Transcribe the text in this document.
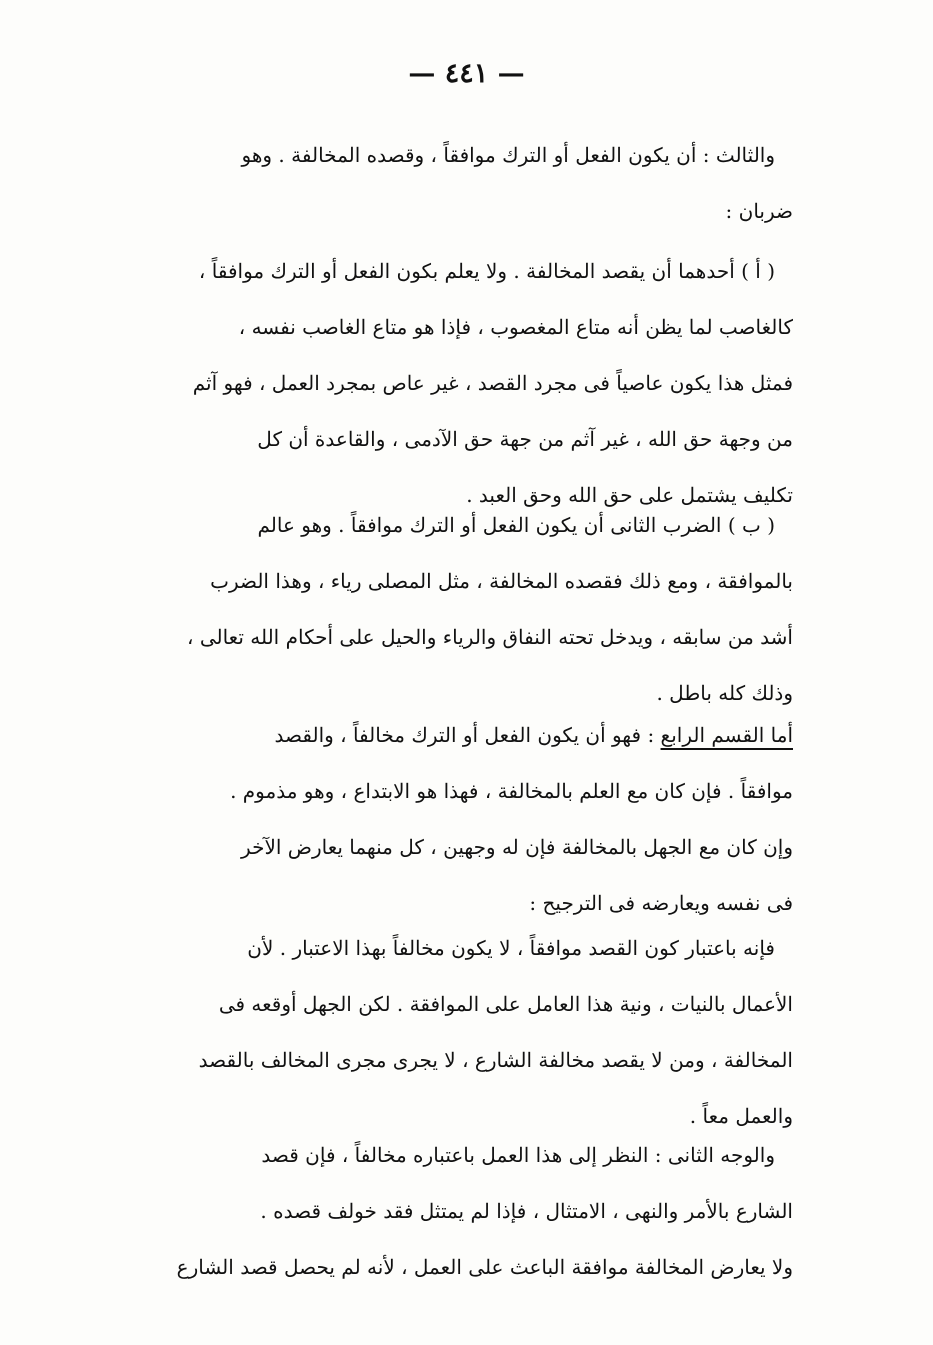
— ٤٤١ —
والثالث : أن يكون الفعل أو الترك موافقاً ، وقصده المخالفة . وهو
ضربان :
( أ ) أحدهما أن يقصد المخالفة . ولا يعلم بكون الفعل أو الترك موافقاً ،
كالغاصب لما يظن أنه متاع المغصوب ، فإذا هو متاع الغاصب نفسه ،
فمثل هذا يكون عاصياً فى مجرد القصد ، غير عاص بمجرد العمل ، فهو آثم
من وجهة حق الله ، غير آثم من جهة حق الآدمى ، والقاعدة أن كل
تكليف يشتمل على حق الله وحق العبد .
( ب ) الضرب الثانى أن يكون الفعل أو الترك موافقاً . وهو عالم
بالموافقة ، ومع ذلك فقصده المخالفة ، مثل المصلى رياء ، وهذا الضرب
أشد من سابقه ، ويدخل تحته النفاق والرياء والحيل على أحكام الله تعالى ،
وذلك كله باطل .
أما القسم الرابع : فهو أن يكون الفعل أو الترك مخالفاً ، والقصد
موافقاً . فإن كان مع العلم بالمخالفة ، فهذا هو الابتداع ، وهو مذموم .
وإن كان مع الجهل بالمخالفة فإن له وجهين ، كل منهما يعارض الآخر
فى نفسه ويعارضه فى الترجيح :
فإنه باعتبار كون القصد موافقاً ، لا يكون مخالفاً بهذا الاعتبار . لأن
الأعمال بالنيات ، ونية هذا العامل على الموافقة . لكن الجهل أوقعه فى
المخالفة ، ومن لا يقصد مخالفة الشارع ، لا يجرى مجرى المخالف بالقصد
والعمل معاً .
والوجه الثانى : النظر إلى هذا العمل باعتباره مخالفاً ، فإن قصد
الشارع بالأمر والنهى ، الامتثال ، فإذا لم يمتثل فقد خولف قصده .
ولا يعارض المخالفة موافقة الباعث على العمل ، لأنه لم يحصل قصد الشارع
